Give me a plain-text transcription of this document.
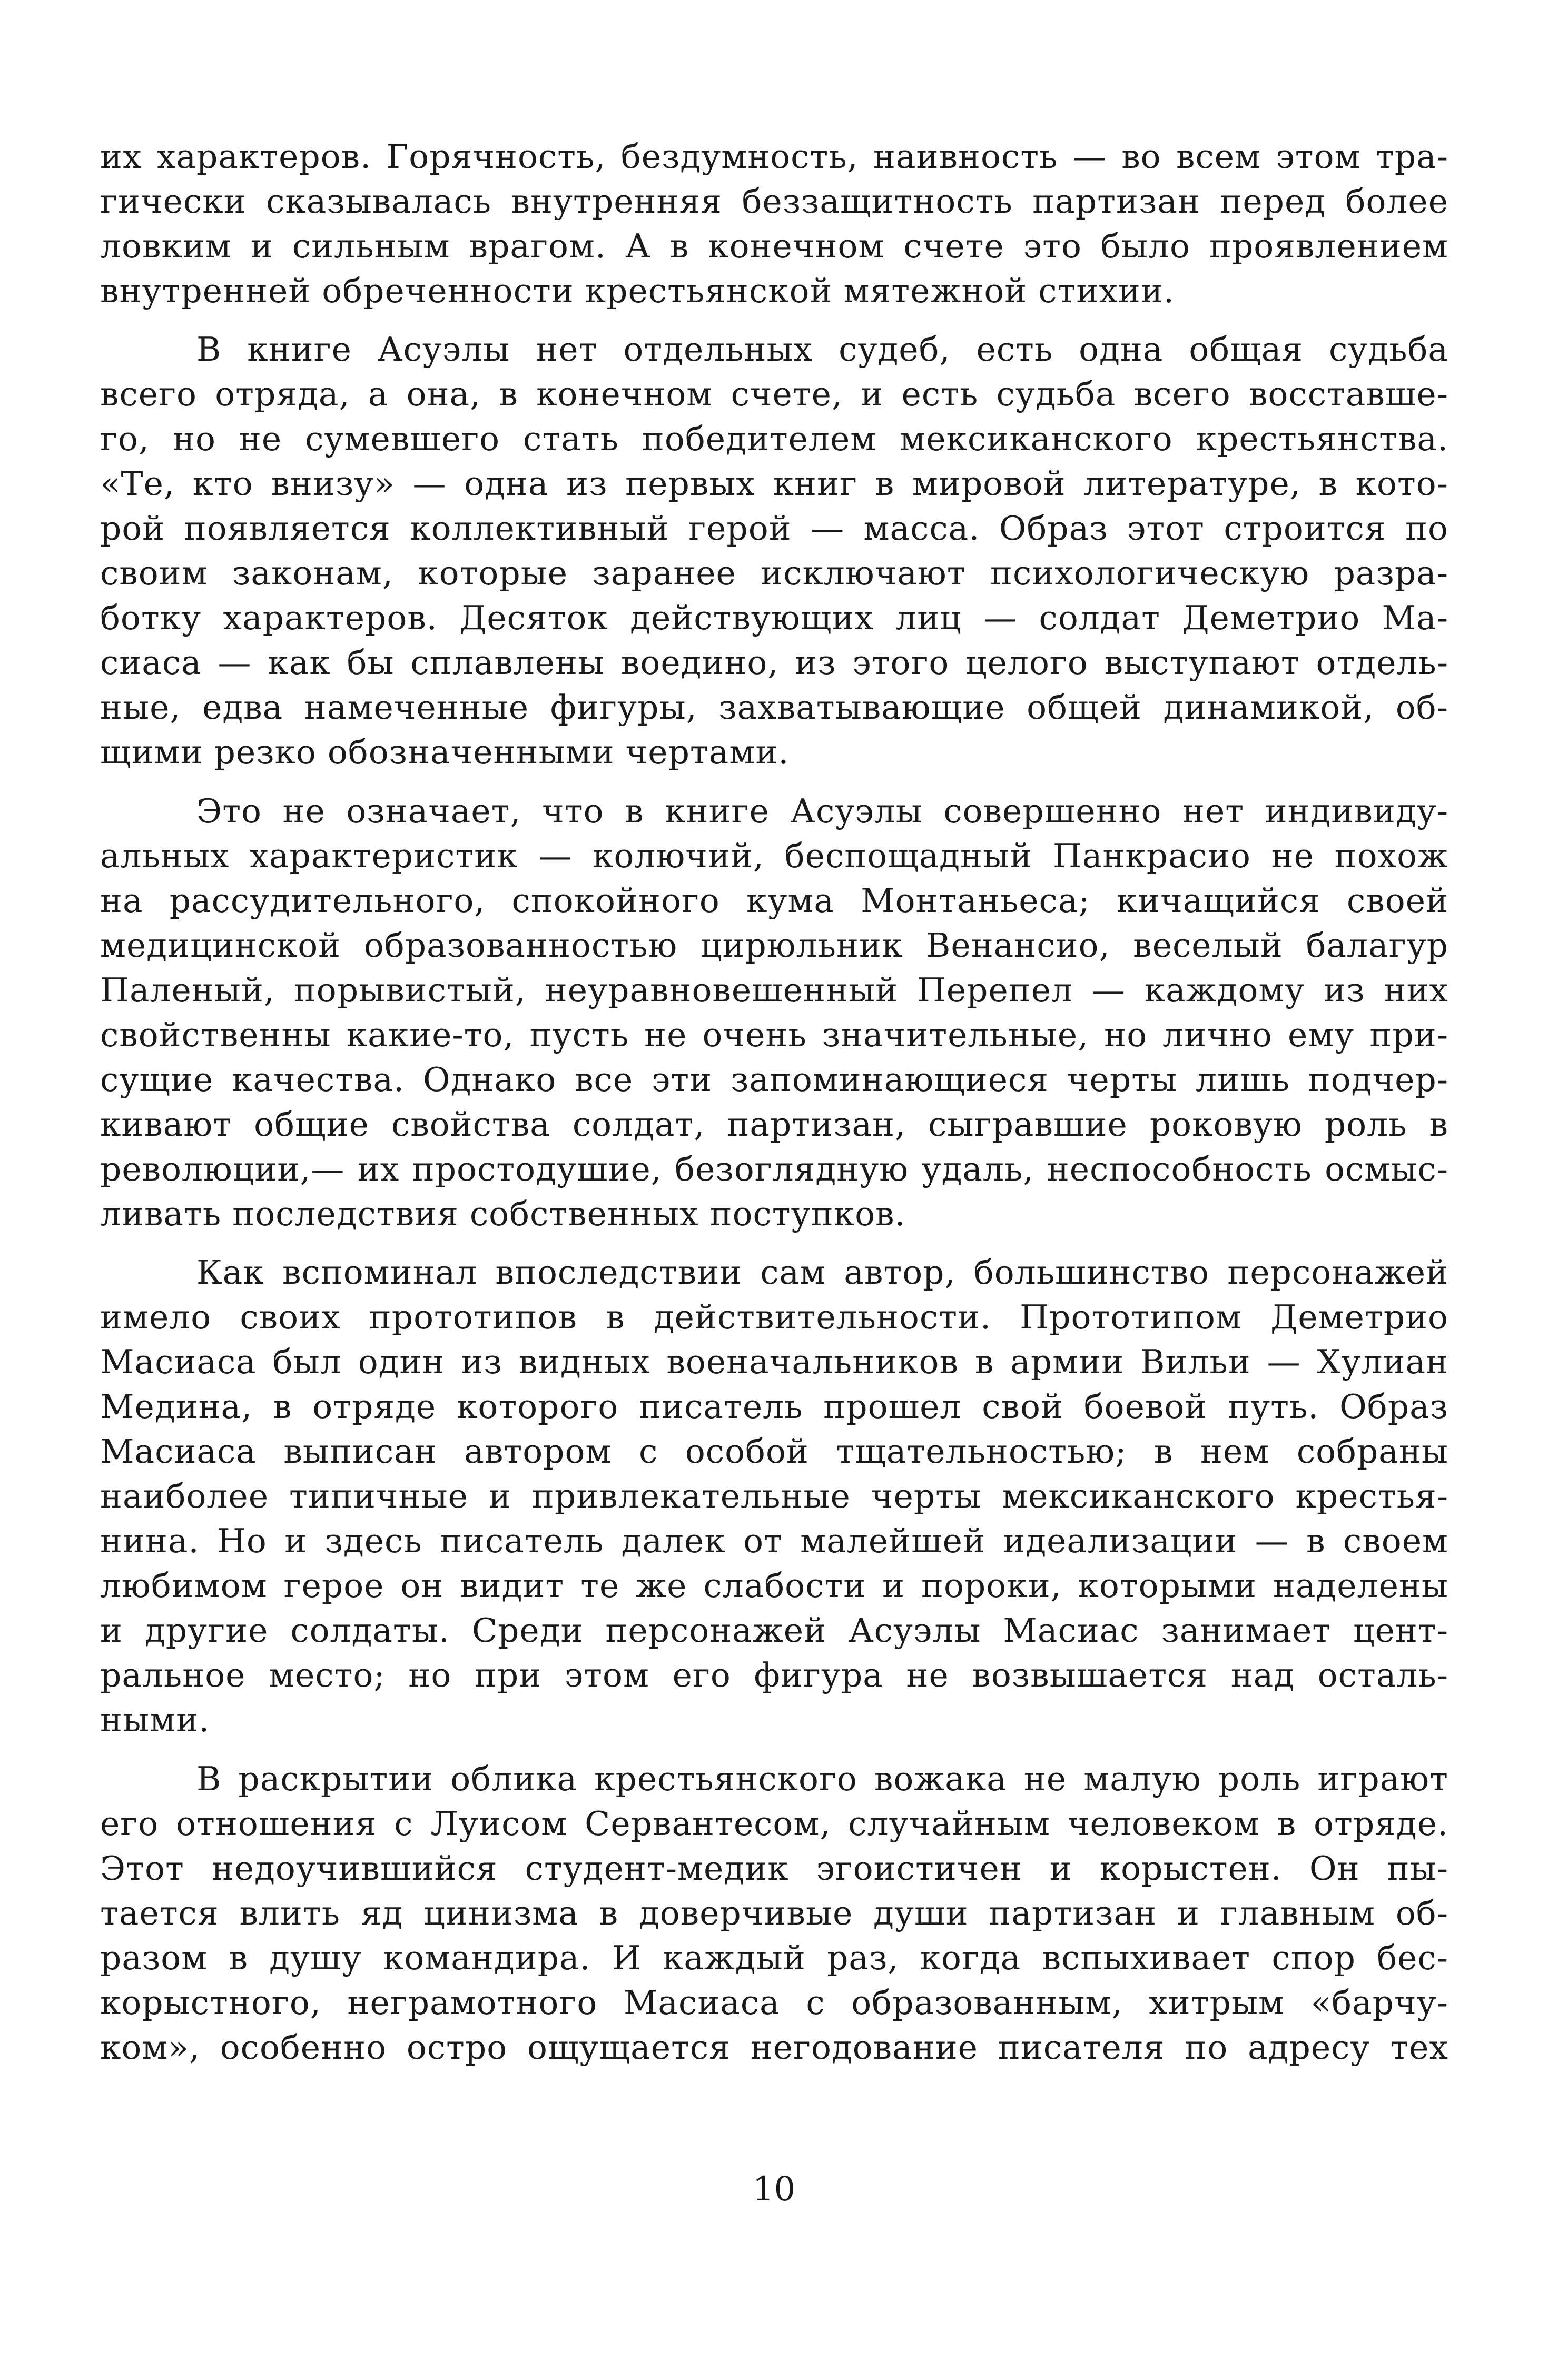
их характеров. Горячность, бездумность, наивность — во всем этом тра-
гически сказывалась внутренняя беззащитность партизан перед более
ловким и сильным врагом. А в конечном счете это было проявлением
внутренней обреченности крестьянской мятежной стихии.
В книге Асуэлы нет отдельных судеб, есть одна общая судьба
всего отряда, а она, в конечном счете, и есть судьба всего восставше-
го, но не сумевшего стать победителем мексиканского крестьянства.
«Те, кто внизу» — одна из первых книг в мировой литературе, в кото-
рой появляется коллективный герой — масса. Образ этот строится по
своим законам, которые заранее исключают психологическую разра-
ботку характеров. Десяток действующих лиц — солдат Деметрио Ма-
сиаса — как бы сплавлены воедино, из этого целого выступают отдель-
ные, едва намеченные фигуры, захватывающие общей динамикой, об-
щими резко обозначенными чертами.
Это не означает, что в книге Асуэлы совершенно нет индивиду-
альных характеристик — колючий, беспощадный Панкрасио не похож
на рассудительного, спокойного кума Монтаньеса; кичащийся своей
медицинской образованностью цирюльник Венансио, веселый балагур
Паленый, порывистый, неуравновешенный Перепел — каждому из них
свойственны какие-то, пусть не очень значительные, но лично ему при-
сущие качества. Однако все эти запоминающиеся черты лишь подчер-
кивают общие свойства солдат, партизан, сыгравшие роковую роль в
революции,— их простодушие, безоглядную удаль, неспособность осмыс-
ливать последствия собственных поступков.
Как вспоминал впоследствии сам автор, большинство персонажей
имело своих прототипов в действительности. Прототипом Деметрио
Масиаса был один из видных военачальников в армии Вильи — Хулиан
Медина, в отряде которого писатель прошел свой боевой путь. Образ
Масиаса выписан автором с особой тщательностью; в нем собраны
наиболее типичные и привлекательные черты мексиканского крестья-
нина. Но и здесь писатель далек от малейшей идеализации — в своем
любимом герое он видит те же слабости и пороки, которыми наделены
и другие солдаты. Среди персонажей Асуэлы Масиас занимает цент-
ральное место; но при этом его фигура не возвышается над осталь-
ными.
В раскрытии облика крестьянского вожака не малую роль играют
его отношения с Луисом Сервантесом, случайным человеком в отряде.
Этот недоучившийся студент-медик эгоистичен и корыстен. Он пы-
тается влить яд цинизма в доверчивые души партизан и главным об-
разом в душу командира. И каждый раз, когда вспыхивает спор бес-
корыстного, неграмотного Масиаса с образованным, хитрым «барчу-
ком», особенно остро ощущается негодование писателя по адресу тех
10
